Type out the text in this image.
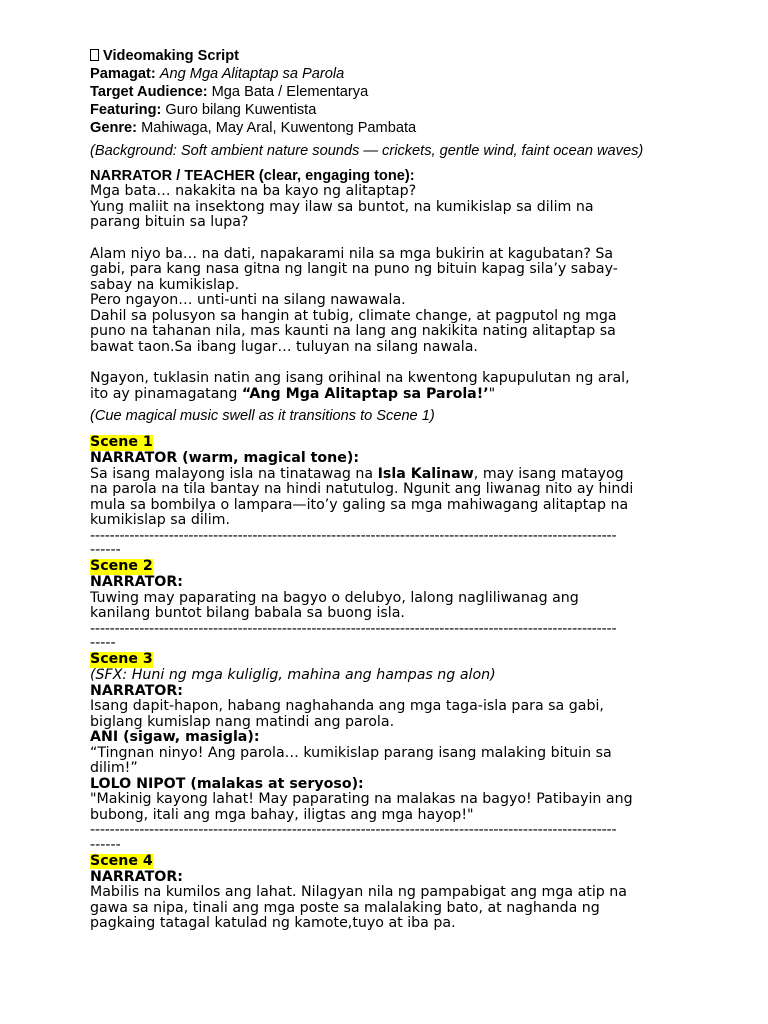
Videomaking Script

Pamagat: Ang Mga Alitaptap sa Parola

Target Audience: Mga Bata / Elementarya

Featuring: Guro bilang Kuwentista

Genre: Mahiwaga, May Aral, Kuwentong Pambata

(Background: Soft ambient nature sounds — crickets, gentle wind, faint ocean waves)

NARRATOR / TEACHER (clear, engaging tone):

Mga bata… nakakita na ba kayo ng alitaptap?

Yung maliit na insektong may ilaw sa buntot, na kumikislap sa dilim na

parang bituin sa lupa?

Alam niyo ba… na dati, napakarami nila sa mga bukirin at kagubatan? Sa

gabi, para kang nasa gitna ng langit na puno ng bituin kapag sila’y sabay-

sabay na kumikislap.

Pero ngayon… unti-unti na silang nawawala.

Dahil sa polusyon sa hangin at tubig, climate change, at pagputol ng mga

puno na tahanan nila, mas kaunti na lang ang nakikita nating alitaptap sa

bawat taon.Sa ibang lugar… tuluyan na silang nawala.

Ngayon, tuklasin natin ang isang orihinal na kwentong kapupulutan ng aral,

ito ay pinamagatang “Ang Mga Alitaptap sa Parola!’"

(Cue magical music swell as it transitions to Scene 1)

Scene 1

NARRATOR (warm, magical tone):

Sa isang malayong isla na tinatawag na Isla Kalinaw, may isang matayog

na parola na tila bantay na hindi natutulog. Ngunit ang liwanag nito ay hindi

mula sa bombilya o lampara—ito’y galing sa mga mahiwagang alitaptap na

kumikislap sa dilim.

-----------------------------------------------------------------------------------------------------------

------

Scene 2

NARRATOR:

Tuwing may paparating na bagyo o delubyo, lalong nagliliwanag ang

kanilang buntot bilang babala sa buong isla.

-----------------------------------------------------------------------------------------------------------

-----

Scene 3

(SFX: Huni ng mga kuliglig, mahina ang hampas ng alon)

NARRATOR:

Isang dapit-hapon, habang naghahanda ang mga taga-isla para sa gabi,

biglang kumislap nang matindi ang parola.

ANI (sigaw, masigla):

“Tingnan ninyo! Ang parola… kumikislap parang isang malaking bituin sa

dilim!”

LOLO NIPOT (malakas at seryoso):

"Makinig kayong lahat! May paparating na malakas na bagyo! Patibayin ang

bubong, itali ang mga bahay, iligtas ang mga hayop!"

-----------------------------------------------------------------------------------------------------------

------

Scene 4

NARRATOR:

Mabilis na kumilos ang lahat. Nilagyan nila ng pampabigat ang mga atip na

gawa sa nipa, tinali ang mga poste sa malalaking bato, at naghanda ng

pagkaing tatagal katulad ng kamote,tuyo at iba pa.
